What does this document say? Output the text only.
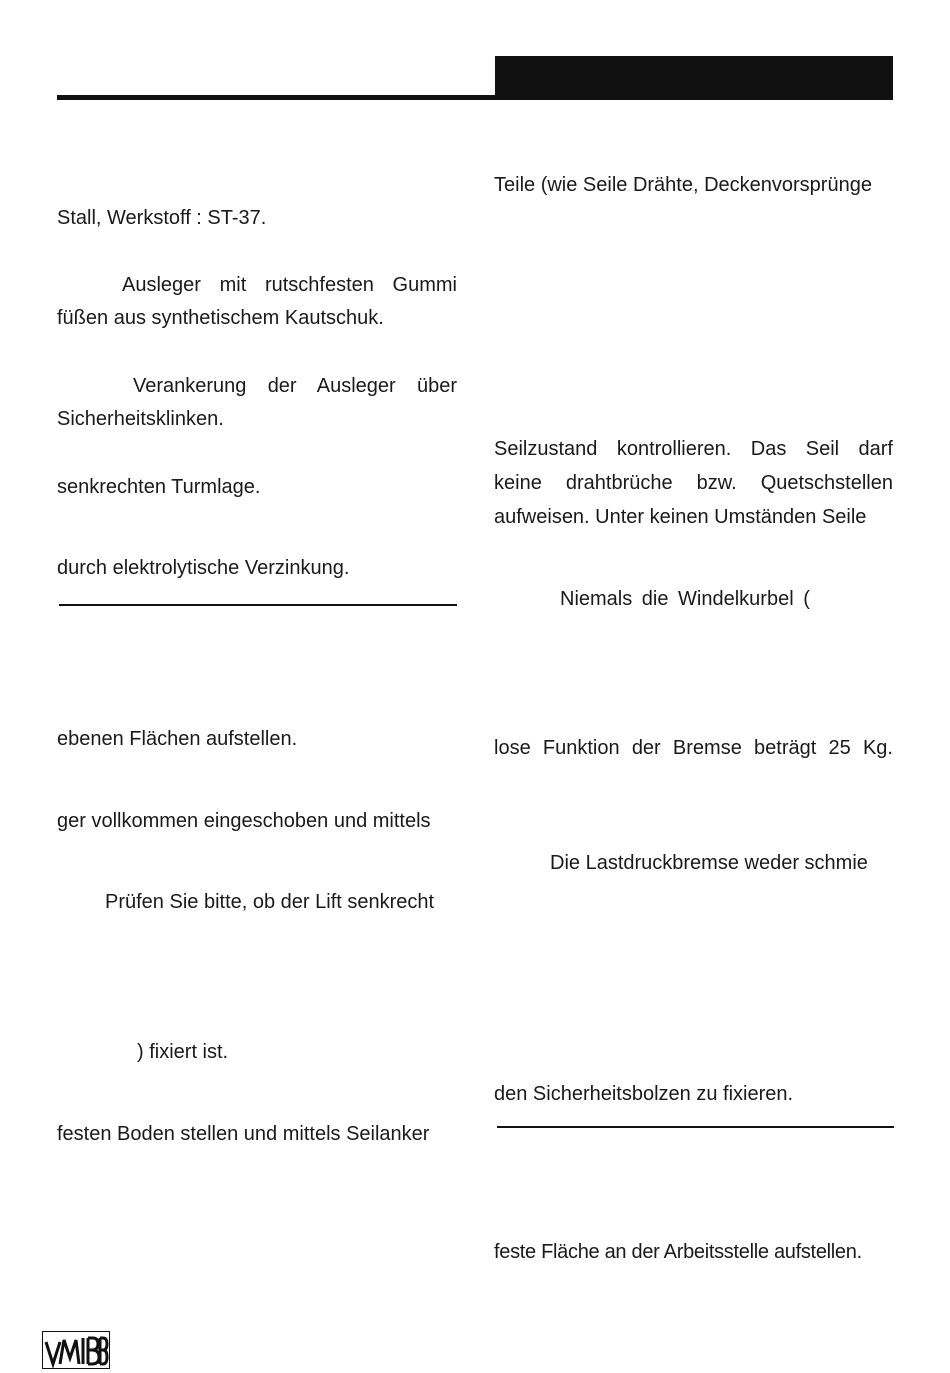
Stall, Werkstoff : ST-37.
Ausleger mit rutschfesten Gummi
füßen aus synthetischem Kautschuk.
Verankerung der Ausleger über
Sicherheitsklinken.
senkrechten Turmlage.
durch elektrolytische Verzinkung.
ebenen Flächen aufstellen.
ger vollkommen eingeschoben und mittels
Prüfen Sie bitte, ob der Lift senkrecht
) fixiert ist.
festen Boden stellen und mittels Seilanker
Teile (wie Seile Drähte, Deckenvorsprünge
Seilzustand kontrollieren. Das Seil darf
keine drahtbrüche bzw. Quetschstellen
aufweisen. Unter keinen Umständen Seile
Niemals die Windelkurbel (
lose Funktion der Bremse beträgt 25 Kg.
Die Lastdruckbremse weder schmie
den Sicherheitsbolzen zu fixieren.
feste Fläche an der Arbeitsstelle aufstellen.
